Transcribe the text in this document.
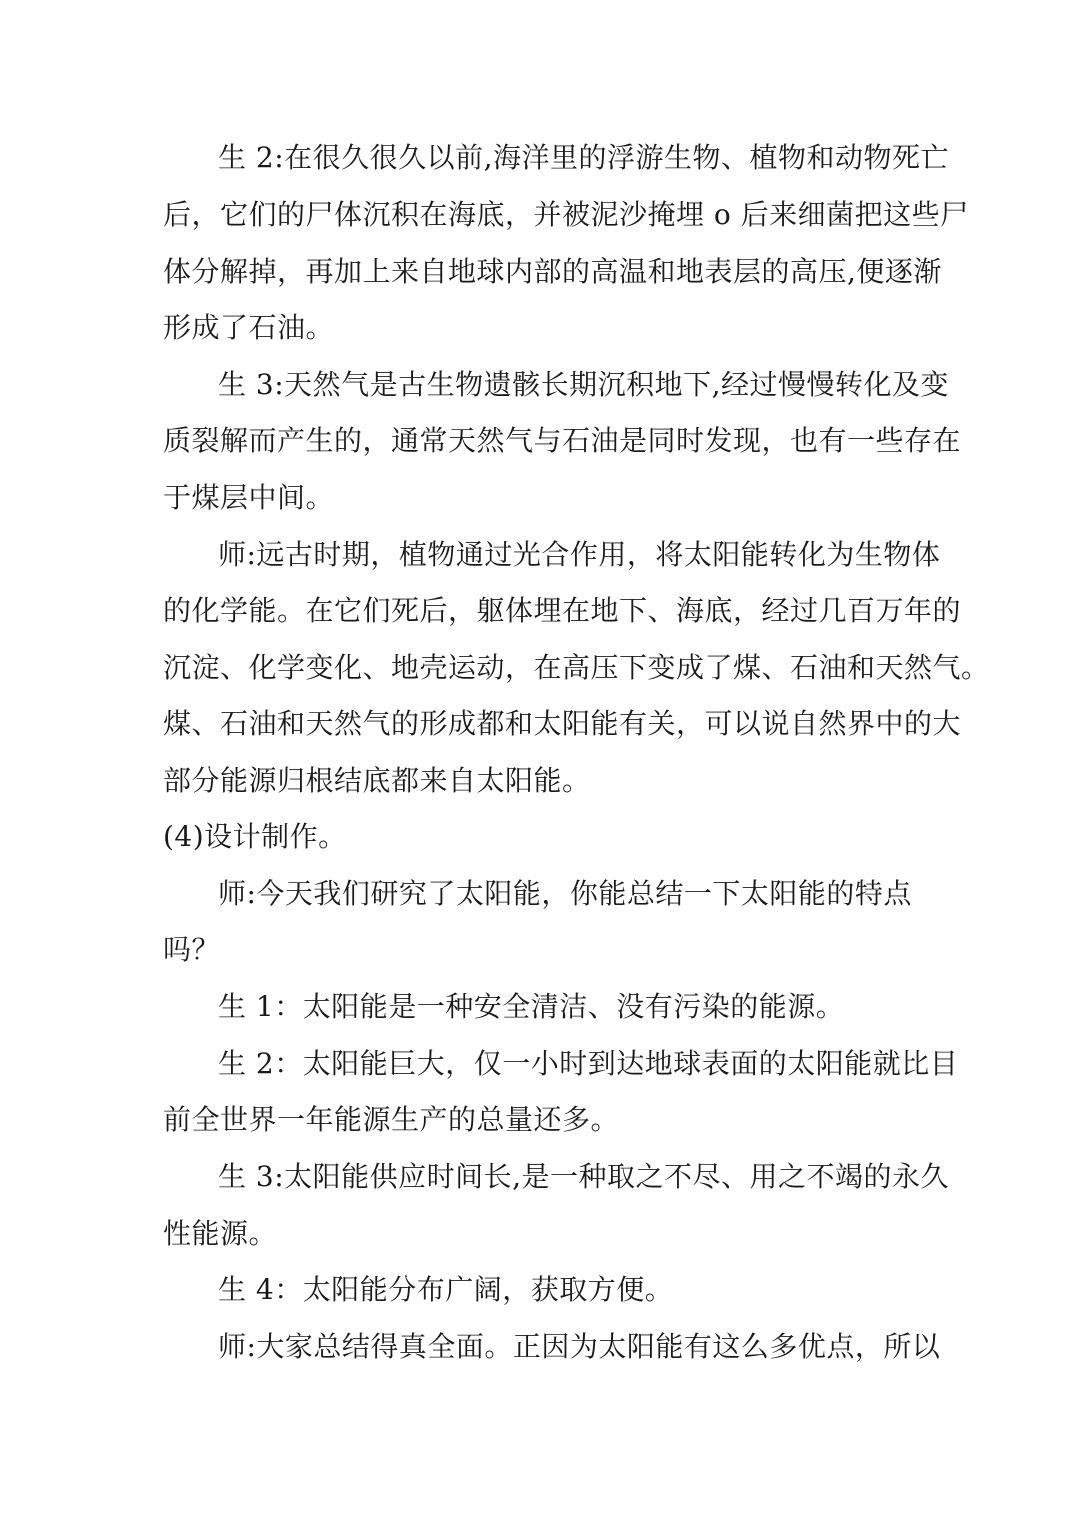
生 2:在很久很久以前,海洋里的浮游生物、植物和动物死亡
后，它们的尸体沉积在海底，并被泥沙掩埋 o 后来细菌把这些尸
体分解掉，再加上来自地球内部的高温和地表层的高压,便逐渐
形成了石油。
生 3:天然气是古生物遗骸长期沉积地下,经过慢慢转化及变
质裂解而产生的，通常天然气与石油是同时发现，也有一些存在
于煤层中间。
师:远古时期，植物通过光合作用，将太阳能转化为生物体
的化学能。在它们死后，躯体埋在地下、海底，经过几百万年的
沉淀、化学变化、地壳运动，在高压下变成了煤、石油和天然气。
煤、石油和天然气的形成都和太阳能有关，可以说自然界中的大
部分能源归根结底都来自太阳能。
(4)设计制作。
师:今天我们研究了太阳能，你能总结一下太阳能的特点
吗？
生 1：太阳能是一种安全清洁、没有污染的能源。
生 2：太阳能巨大，仅一小时到达地球表面的太阳能就比目
前全世界一年能源生产的总量还多。
生 3:太阳能供应时间长,是一种取之不尽、用之不竭的永久
性能源。
生 4：太阳能分布广阔，获取方便。
师:大家总结得真全面。正因为太阳能有这么多优点，所以
